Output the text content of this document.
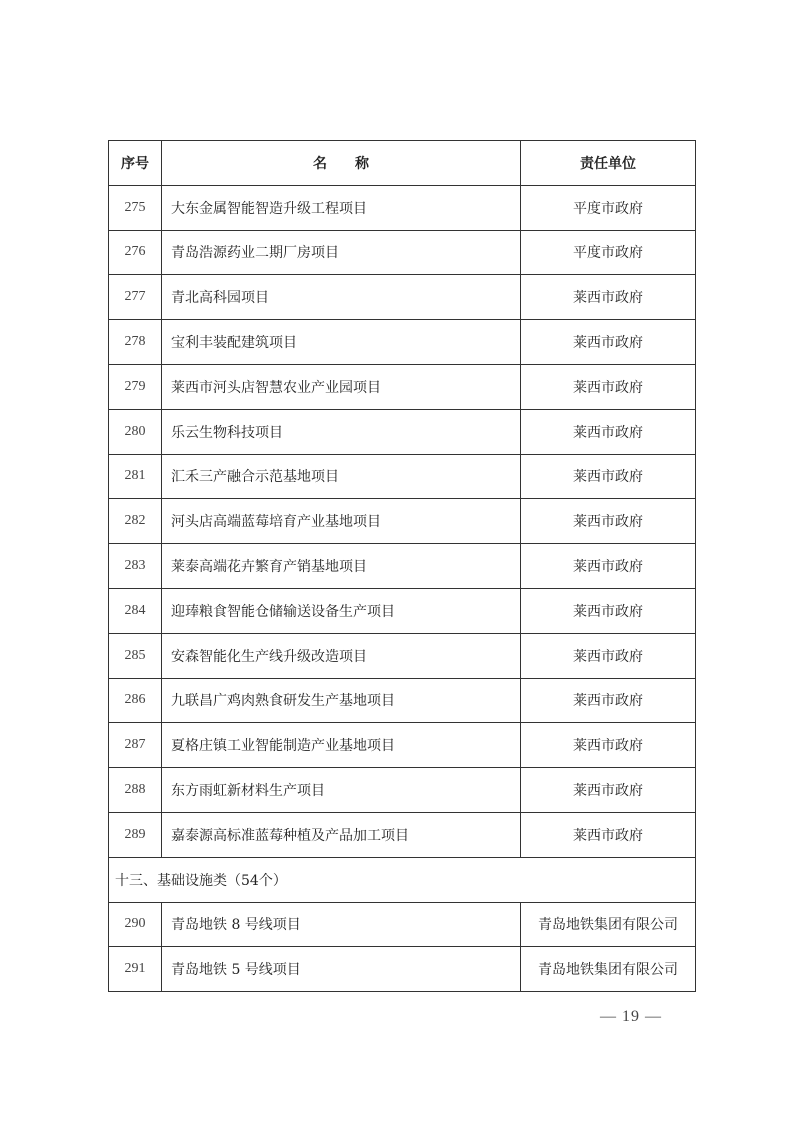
序号	名　　称	责任单位
275	大东金属智能智造升级工程项目	平度市政府
276	青岛浩源药业二期厂房项目	平度市政府
277	青北高科园项目	莱西市政府
278	宝利丰装配建筑项目	莱西市政府
279	莱西市河头店智慧农业产业园项目	莱西市政府
280	乐云生物科技项目	莱西市政府
281	汇禾三产融合示范基地项目	莱西市政府
282	河头店高端蓝莓培育产业基地项目	莱西市政府
283	莱泰高端花卉繁育产销基地项目	莱西市政府
284	迎琫粮食智能仓储输送设备生产项目	莱西市政府
285	安森智能化生产线升级改造项目	莱西市政府
286	九联昌广鸡肉熟食研发生产基地项目	莱西市政府
287	夏格庄镇工业智能制造产业基地项目	莱西市政府
288	东方雨虹新材料生产项目	莱西市政府
289	嘉泰源高标准蓝莓种植及产品加工项目	莱西市政府
十三、基础设施类（54个）		
290	青岛地铁 8 号线项目	青岛地铁集团有限公司
291	青岛地铁 5 号线项目	青岛地铁集团有限公司
— 19 —
